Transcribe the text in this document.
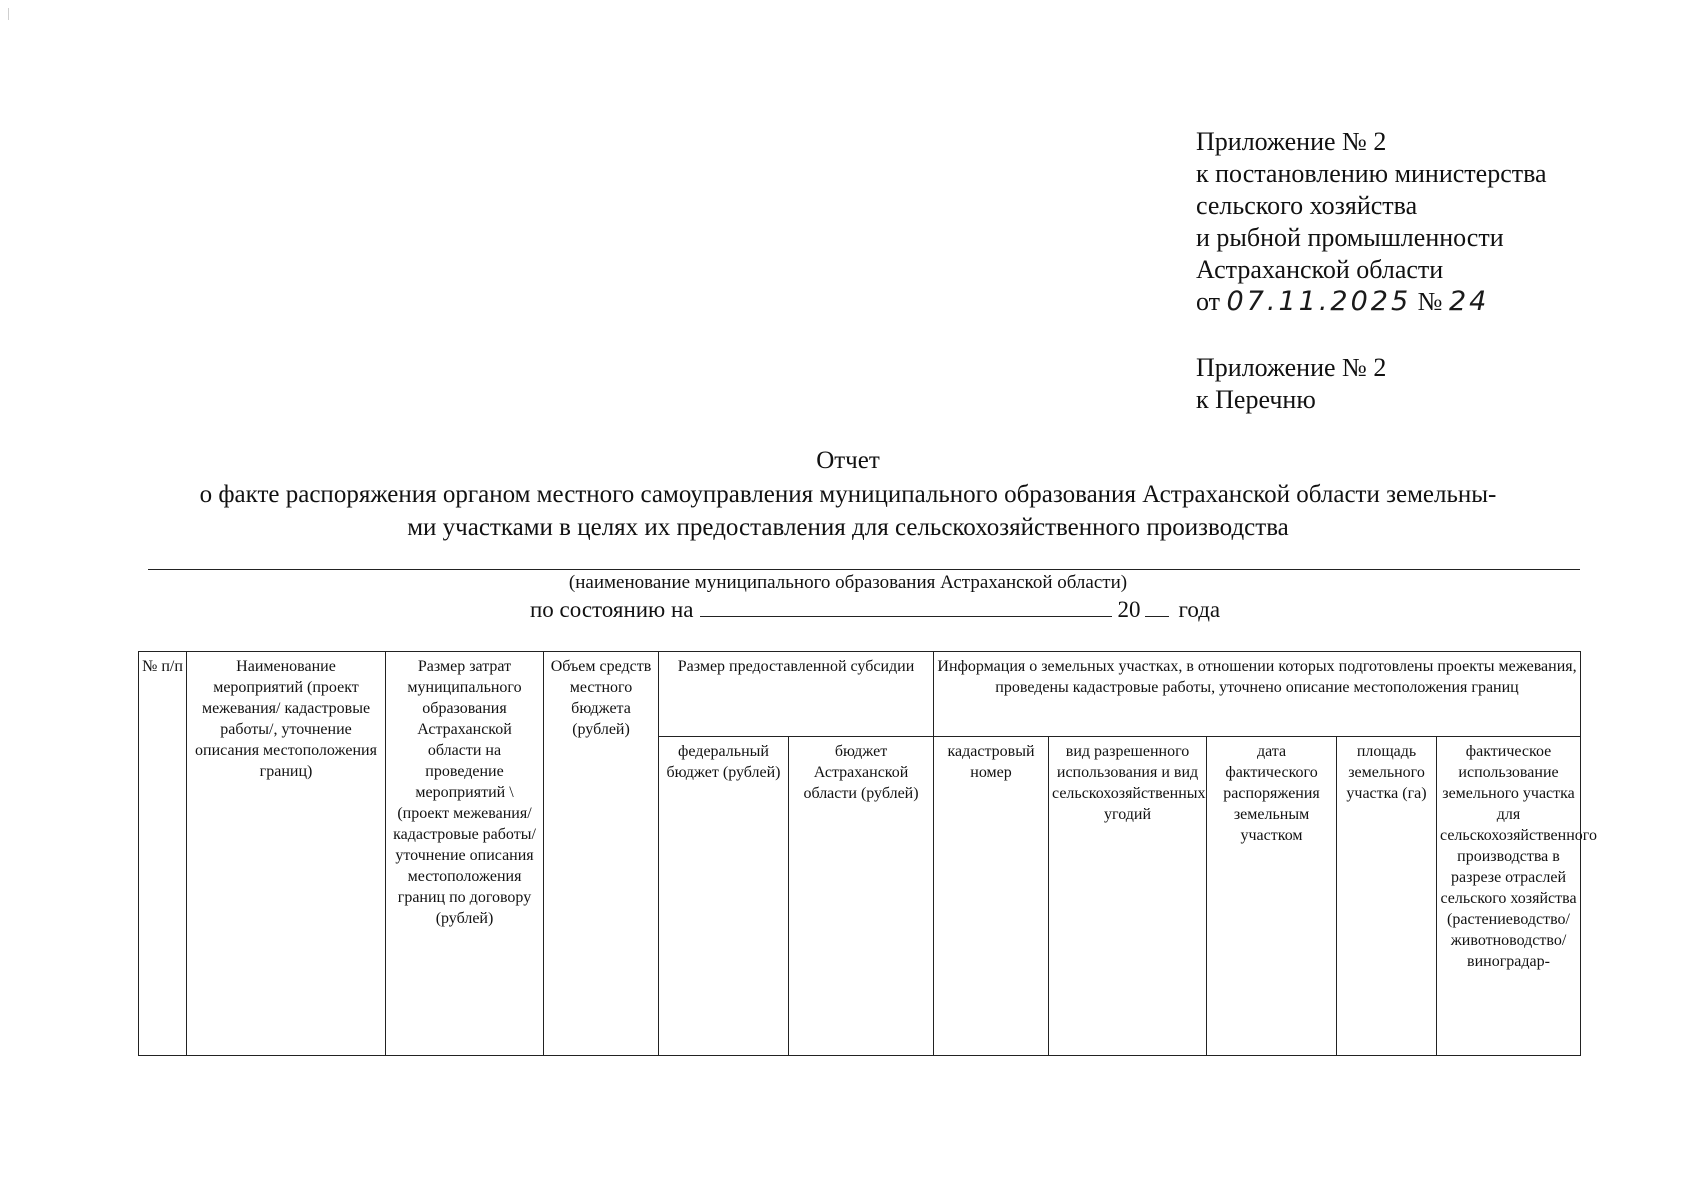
Приложение № 2
к постановлению министерства
сельского хозяйства
и рыбной промышленности
Астраханской области
от 07.11.2025 № 24
Приложение № 2
к Перечню
Отчет
о факте распоряжения органом местного самоуправления муниципального образования Астраханской области земельны-
ми участками в целях их предоставления для сельскохозяйственного производства
(наименование муниципального образования Астраханской области)
по состоянию на	20 года
№ п/п	Наименование мероприятий (проект межевания/ кадастровые работы/, уточнение описания местоположения границ)	Размер затрат муниципального образования Астраханской области на проведение мероприятий \ (проект межевания/кадастровые работы/уточнение описания местоположения границ по договору (рублей)	Объем средств местного бюджета (рублей)	Размер предоставленной субсидии		Информация о земельных участках, в отношении которых подготовлены проекты межевания, проведены кадастровые работы, уточнено описание местоположения границ				
				федеральный бюджет (рублей)	бюджет Астраханской области (рублей)	кадастровый номер	вид разрешенного использования и вид сельскохозяйственных угодий	дата фактического распоряжения земельным участком	площадь земельного участка (га)	фактическое использование земельного участка для сельскохозяйственного производства в разрезе отраслей сельского хозяйства (растениеводство/животноводство/виноградар-
